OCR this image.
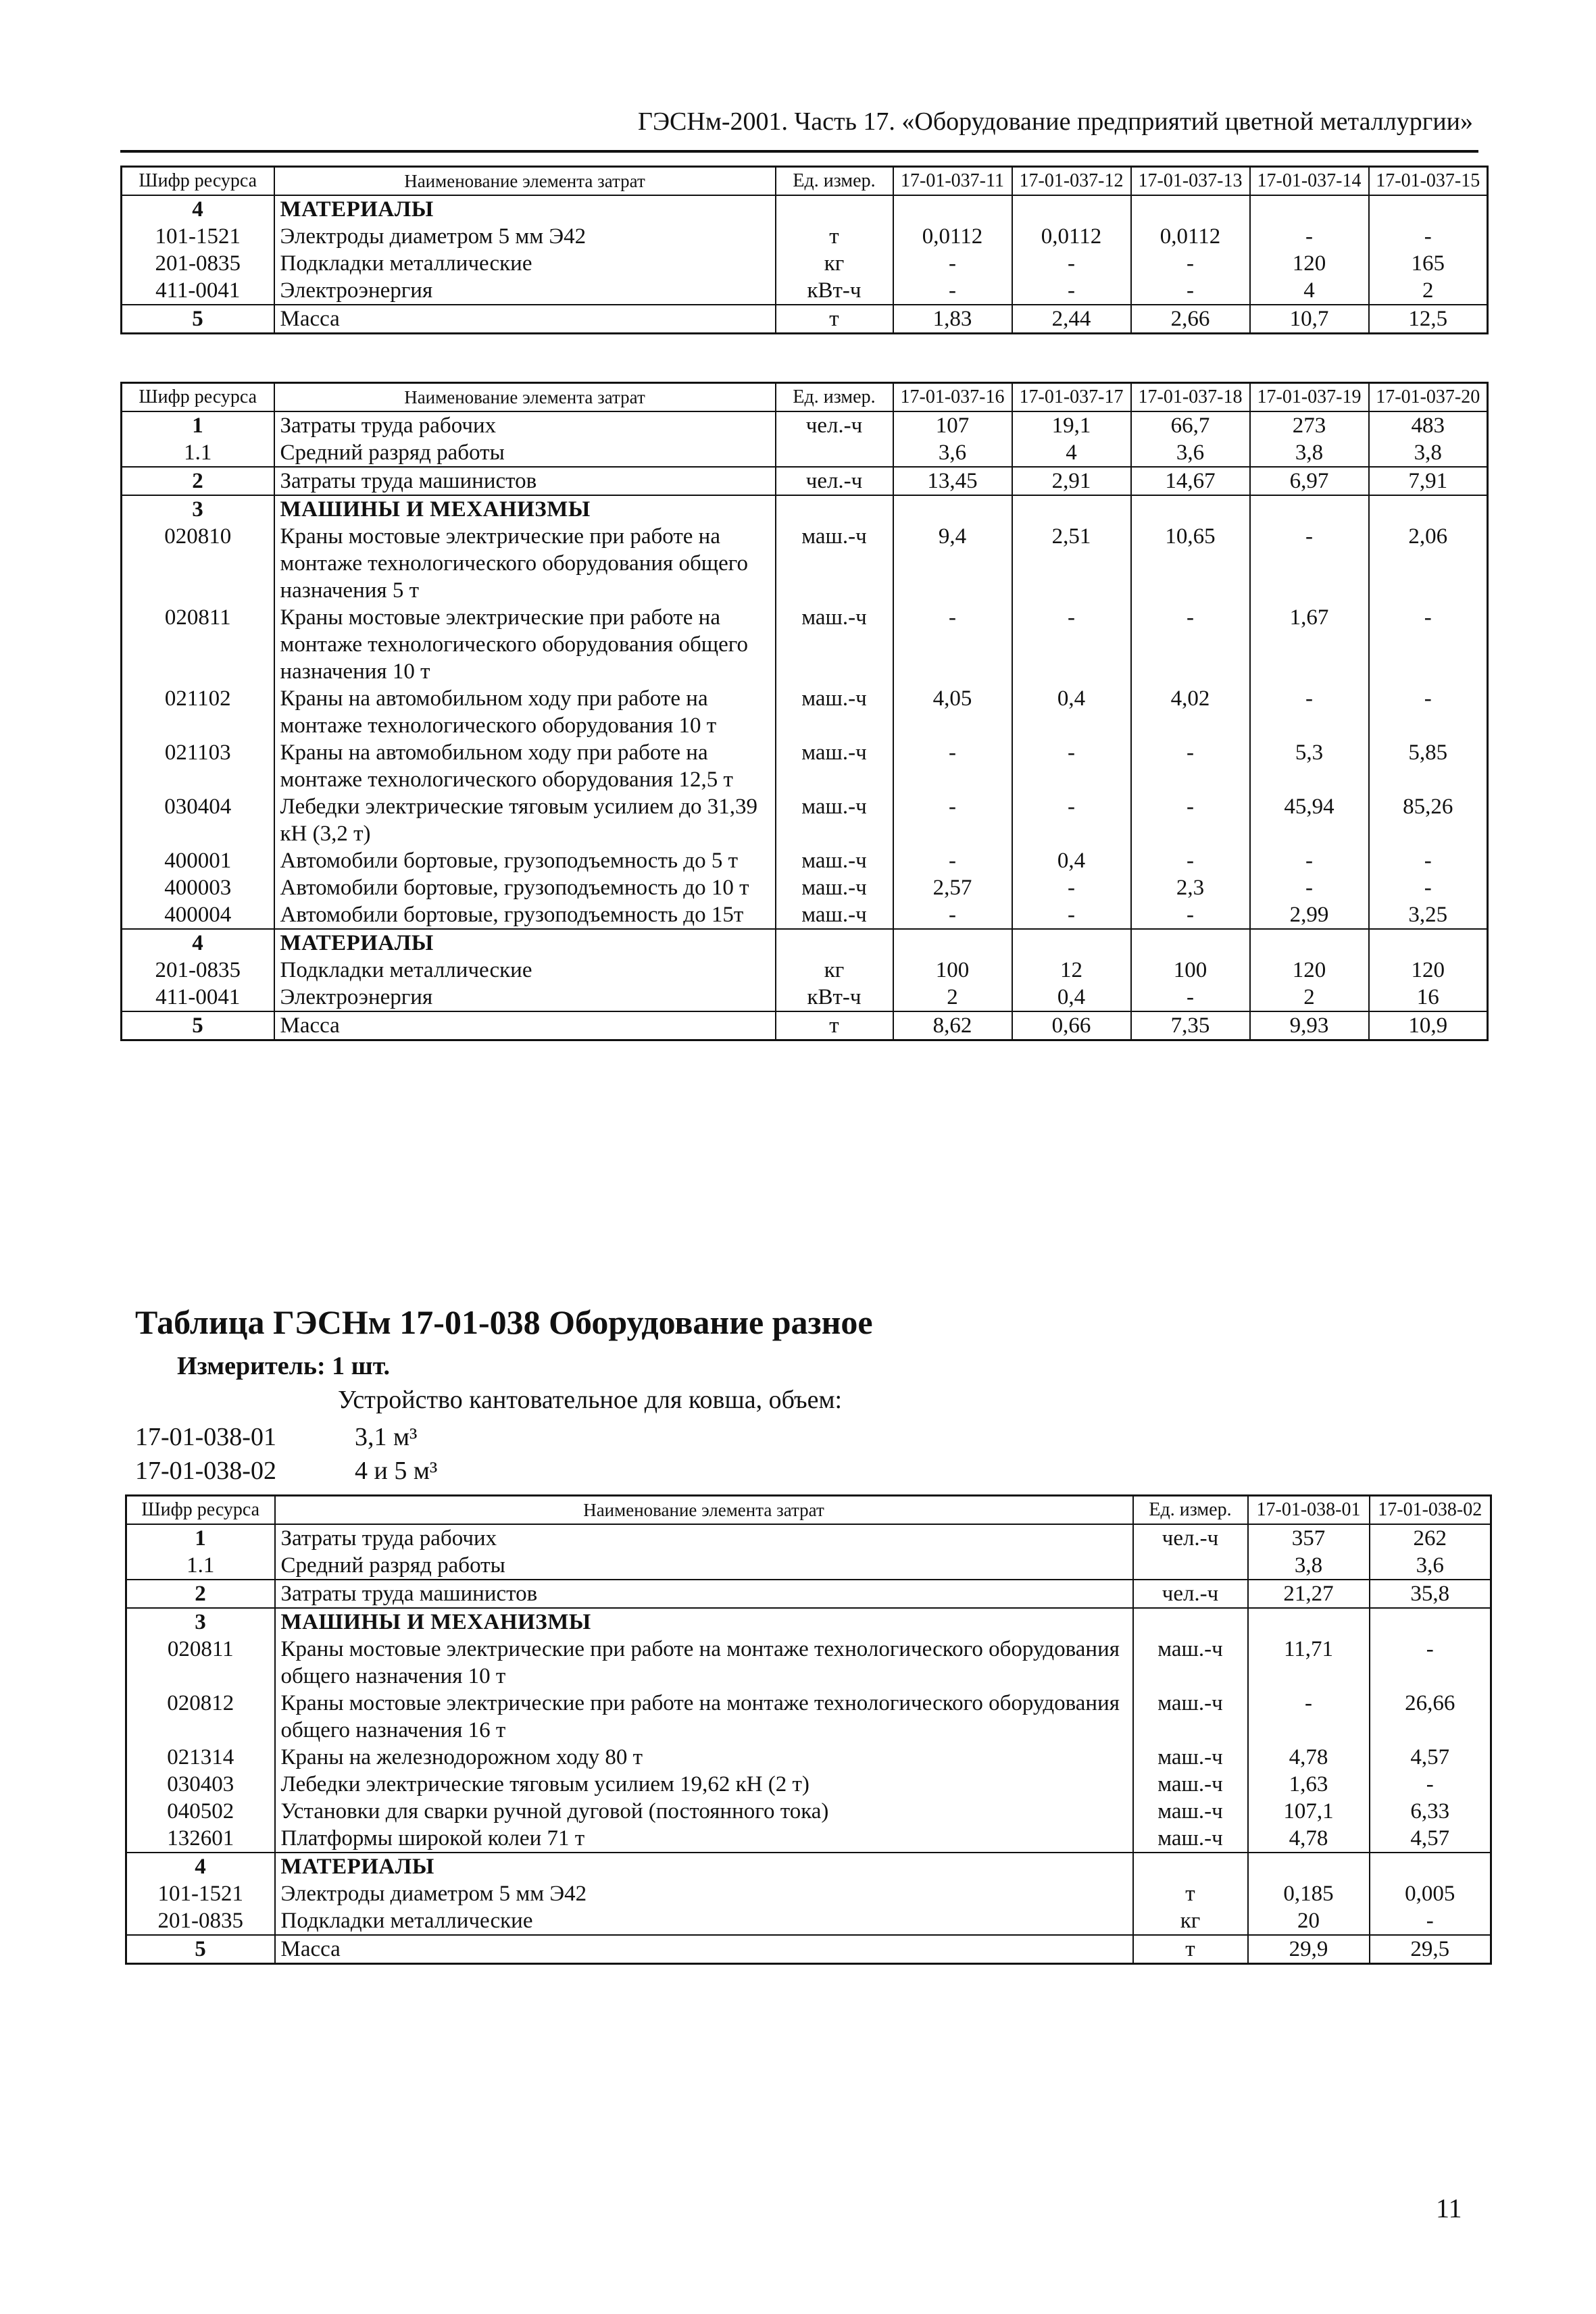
ГЭСНм-2001. Часть 17. «Оборудование предприятий цветной металлургии»
Шифр ресурса	Наименование элемента затрат	Ед. измер.	17-01-037-11	17-01-037-12	17-01-037-13	17-01-037-14	17-01-037-15
4	МАТЕРИАЛЫ						
101-1521	Электроды диаметром 5 мм Э42	т	0,0112	0,0112	0,0112	-	-
201-0835	Подкладки металлические	кг	-	-	-	120	165
411-0041	Электроэнергия	кВт-ч	-	-	-	4	2
5	Масса	т	1,83	2,44	2,66	10,7	12,5
Шифр ресурса	Наименование элемента затрат	Ед. измер.	17-01-037-16	17-01-037-17	17-01-037-18	17-01-037-19	17-01-037-20
1	Затраты труда рабочих	чел.-ч	107	19,1	66,7	273	483
1.1	Средний разряд работы		3,6	4	3,6	3,8	3,8
2	Затраты труда машинистов	чел.-ч	13,45	2,91	14,67	6,97	7,91
3	МАШИНЫ И МЕХАНИЗМЫ						
020810	Краны мостовые электрические при работе на монтаже технологического оборудования общего назначения 5 т	маш.-ч	9,4	2,51	10,65	-	2,06
020811	Краны мостовые электрические при работе на монтаже технологического оборудования общего назначения 10 т	маш.-ч	-	-	-	1,67	-
021102	Краны на автомобильном ходу при работе на монтаже технологического оборудования 10 т	маш.-ч	4,05	0,4	4,02	-	-
021103	Краны на автомобильном ходу при работе на монтаже технологического оборудования 12,5 т	маш.-ч	-	-	-	5,3	5,85
030404	Лебедки электрические тяговым усилием до 31,39 кН (3,2 т)	маш.-ч	-	-	-	45,94	85,26
400001	Автомобили бортовые, грузоподъемность до 5 т	маш.-ч	-	0,4	-	-	-
400003	Автомобили бортовые, грузоподъемность до 10 т	маш.-ч	2,57	-	2,3	-	-
400004	Автомобили бортовые, грузоподъемность до 15т	маш.-ч	-	-	-	2,99	3,25
4	МАТЕРИАЛЫ						
201-0835	Подкладки металлические	кг	100	12	100	120	120
411-0041	Электроэнергия	кВт-ч	2	0,4	-	2	16
5	Масса	т	8,62	0,66	7,35	9,93	10,9
Таблица ГЭСНм 17-01-038 Оборудование разное
Измеритель: 1 шт.
Устройство кантовательное для ковша, объем:
17-01-038-01	3,1 м³
17-01-038-02	4 и 5 м³
Шифр ресурса	Наименование элемента затрат	Ед. измер.	17-01-038-01	17-01-038-02
1	Затраты труда рабочих	чел.-ч	357	262
1.1	Средний разряд работы		3,8	3,6
2	Затраты труда машинистов	чел.-ч	21,27	35,8
3	МАШИНЫ И МЕХАНИЗМЫ			
020811	Краны мостовые электрические при работе на монтаже технологического оборудования общего назначения 10 т	маш.-ч	11,71	-
020812	Краны мостовые электрические при работе на монтаже технологического оборудования общего назначения 16 т	маш.-ч	-	26,66
021314	Краны на железнодорожном ходу 80 т	маш.-ч	4,78	4,57
030403	Лебедки электрические тяговым усилием 19,62 кН (2 т)	маш.-ч	1,63	-
040502	Установки для сварки ручной дуговой (постоянного тока)	маш.-ч	107,1	6,33
132601	Платформы широкой колеи 71 т	маш.-ч	4,78	4,57
4	МАТЕРИАЛЫ			
101-1521	Электроды диаметром 5 мм Э42	т	0,185	0,005
201-0835	Подкладки металлические	кг	20	-
5	Масса	т	29,9	29,5
11
